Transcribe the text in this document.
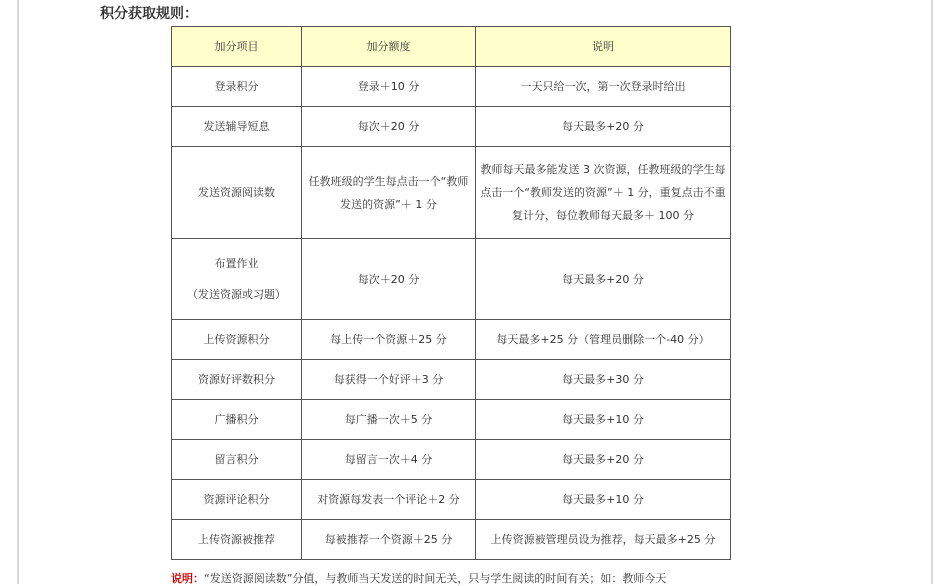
积分获取规则：
加分项目	加分额度	说明
登录积分	登录＋10 分	一天只给一次，第一次登录时给出
发送辅导短息	每次＋20 分	每天最多+20 分
发送资源阅读数	任教班级的学生每点击一个“教师发送的资源”＋ 1 分	教师每天最多能发送 3 次资源，任教班级的学生每点击一个“教师发送的资源”＋ 1 分，重复点击不重复计分，每位教师每天最多＋ 100 分

布置作业
（发送资源或习题）	每次＋20 分	每天最多+20 分
上传资源积分	每上传一个资源＋25 分	每天最多+25 分（管理员删除一个-40 分）
资源好评数积分	每获得一个好评＋3 分	每天最多+30 分
广播积分	每广播一次＋5 分	每天最多+10 分
留言积分	每留言一次＋4 分	每天最多+20 分
资源评论积分	对资源每发表一个评论＋2 分	每天最多+10 分
上传资源被推荐	每被推荐一个资源＋25 分	上传资源被管理员设为推荐，每天最多+25 分
说明：“发送资源阅读数”分值，与教师当天发送的时间无关，只与学生阅读的时间有关；如：教师今天
